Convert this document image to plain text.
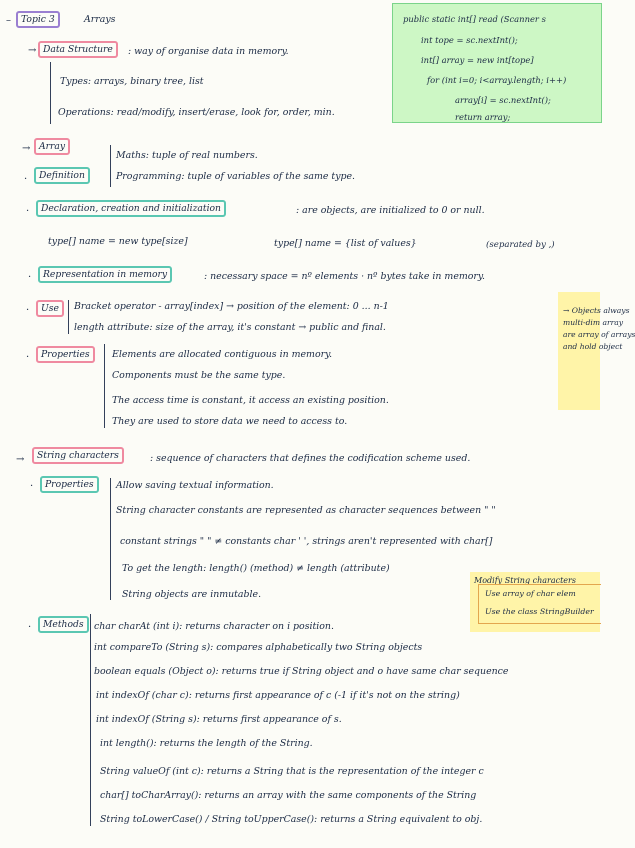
–	Topic 3	Arrays	public static int[] read (Scanner s
int tope = sc.nextInt();
int[] array = new int[tope]
for (int i=0; i<array.length; i++)
array[i] = sc.nextInt();
return array;
→ Data Structure	: way of organise data in memory.
Types: arrays, binary tree, list
Operations: read/modify, insert/erase, look for, order, min.
→ Array
·	Definition
Maths: tuple of real numbers.
Programming: tuple of variables of the same type.
·	Declaration, creation and initialization	: are objects, are initialized to 0 or null.
type[] name = new type[size]	type[] name = {list of values}	(separated by ,)
·	Representation in memory	: necessary space = nº elements · nº bytes take in memory.
·	Use	Bracket operator - array[index] → position of the element: 0 ... n-1
length attribute: size of the array, it's constant → public and final.
→ Objects always
multi-dim array
are array of arrays
and hold object
·	Properties	Elements are allocated contiguous in memory.
Components must be the same type.
The access time is constant, it access an existing position.
They are used to store data we need to access to.
→	String characters	: sequence of characters that defines the codification scheme used.
·	Properties	Allow saving textual information.
String character constants are represented as character sequences between " "
constant strings " " ≠ constants char ' ', strings aren't represented with char[]
To get the length: length() (method) ≠ length (attribute)
String objects are inmutable.
Modify String characters
Use array of char elem
Use the class StringBuilder
·	Methods	char charAt (int i): returns character on i position.
int compareTo (String s): compares alphabetically two String objects
boolean equals (Object o): returns true if String object and o have same char sequence
int indexOf (char c): returns first appearance of c (-1 if it's not on the string)
int indexOf (String s): returns first appearance of s.
int length(): returns the length of the String.
String valueOf (int c): returns a String that is the representation of the integer c
char[] toCharArray(): returns an array with the same components of the String
String toLowerCase() / String toUpperCase(): returns a String equivalent to obj.
